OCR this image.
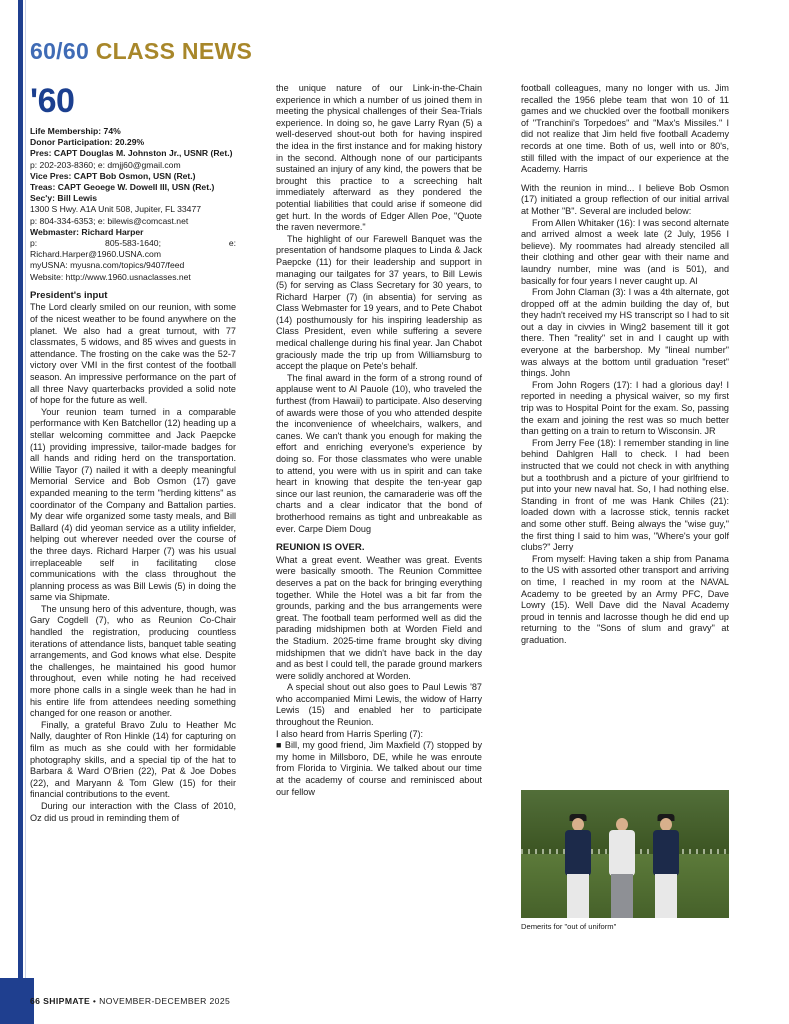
60/60 CLASS NEWS
'60

Life Membership: 74%

Donor Participation: 20.29%

Pres: CAPT Douglas M. Johnston Jr., USNR (Ret.)

p: 202-203-8360; e: dmjj60@gmail.com

Vice Pres: CAPT Bob Osmon, USN (Ret.)

Treas: CAPT Geoege W. Dowell III, USN (Ret.)

Sec'y: Bill Lewis

1300 S Hwy. A1A Unit 508, Jupiter, FL 33477

p: 804-334-6353; e: bilewis@comcast.net

Webmaster: Richard Harper

p: 805-583-1640; e: Richard.Harper@1960.USNA.com

myUSNA: myusna.com/topics/9407/feed

Website: http://www.1960.usnaclasses.net

President's input

The Lord clearly smiled on our reunion, with some of the nicest weather to be found anywhere on the planet. We also had a great turnout, with 77 classmates, 5 widows, and 85 wives and guests in attendance. The frosting on the cake was the 52-7 victory over VMI in the first contest of the football season. An impressive performance on the part of all three Navy quarterbacks provided a solid note of hope for the future as well.

Your reunion team turned in a comparable performance with Ken Batchellor (12) heading up a stellar welcoming committee and Jack Paepcke (11) providing impressive, tailor-made badges for all hands and riding herd on the transportation. Willie Tayor (7) nailed it with a deeply meaningful Memorial Service and Bob Osmon (17) gave expanded meaning to the term "herding kittens" as coordinator of the Company and Battalion parties. My dear wife organized some tasty meals, and Bill Ballard (4) did yeoman service as a utility infielder, helping out wherever needed over the course of the three days. Richard Harper (7) was his usual irreplaceable self in facilitating close communications with the class throughout the planning process as was Bill Lewis (5) in doing the same via Shipmate.

The unsung hero of this adventure, though, was Gary Cogdell (7), who as Reunion Co-Chair handled the registration, producing countless iterations of attendance lists, banquet table seating arrangements, and God knows what else. Despite the challenges, he maintained his good humor throughout, even while noting he had received more phone calls in a single week than he had in his entire life from attendees needing something changed for one reason or another.

Finally, a grateful Bravo Zulu to Heather Mc Nally, daughter of Ron Hinkle (14) for capturing on film as much as she could with her formidable photography skills, and a special tip of the hat to Barbara & Ward O'Brien (22), Pat & Joe Dobes (22), and Maryann & Tom Glew (15) for their financial contributions to the event.

During our interaction with the Class of 2010, Oz did us proud in reminding them of

the unique nature of our Link-in-the-Chain experience in which a number of us joined them in meeting the physical challenges of their Sea-Trials experience. In doing so, he gave Larry Ryan (5) a well-deserved shout-out both for having inspired the idea in the first instance and for making history in the second. Although none of our participants sustained an injury of any kind, the powers that be brought this practice to a screeching halt immediately afterward as they pondered the potential liabilities that could arise if someone did get hurt. In the words of Edger Allen Poe, "Quote the raven nevermore."

The highlight of our Farewell Banquet was the presentation of handsome plaques to Linda & Jack Paepcke (11) for their leadership and support in managing our tailgates for 37 years, to Bill Lewis (5) for serving as Class Secretary for 30 years, to Richard Harper (7) (in absentia) for serving as Class Webmaster for 19 years, and to Pete Chabot (14) posthumously for his inspiring leadership as Class President, even while suffering a severe medical challenge during his final year. Jan Chabot graciously made the trip up from Williamsburg to accept the plaque on Pete's behalf.

The final award in the form of a strong round of applause went to Al Pauole (10), who traveled the furthest (from Hawaii) to participate. Also deserving of awards were those of you who attended despite the inconvenience of wheelchairs, walkers, and canes. We can't thank you enough for making the effort and enriching everyone's experience by doing so. For those classmates who were unable to attend, you were with us in spirit and can take heart in knowing that despite the ten-year gap since our last reunion, the camaraderie was off the charts and a clear indicator that the bond of brotherhood remains as tight and unbreakable as ever. Carpe Diem Doug

REUNION IS OVER.

What a great event. Weather was great. Events were basically smooth. The Reunion Committee deserves a pat on the back for bringing everything together. While the Hotel was a bit far from the grounds, parking and the bus arrangements were great. The football team performed well as did the parading midshipmen both at Worden Field and the Stadium. 2025-time frame brought sky diving midshipmen that we didn't have back in the day and as best I could tell, the parade ground markers were solidly anchored at Worden.

A special shout out also goes to Paul Lewis '87 who accompanied Mimi Lewis, the widow of Harry Lewis (15) and enabled her to participate throughout the Reunion.

I also heard from Harris Sperling (7):

■ Bill, my good friend, Jim Maxfield (7) stopped by my home in Millsboro, DE, while he was enroute from Florida to Virginia. We talked about our time at the academy of course and reminisced about our fellow

football colleagues, many no longer with us. Jim recalled the 1956 plebe team that won 10 of 11 games and we chuckled over the football monikers of "Tranchini's Torpedoes" and "Max's Missiles." I did not realize that Jim held five football Academy records at one time. Both of us, well into or 80's, still filled with the impact of our experience at the Academy. Harris

With the reunion in mind... I believe Bob Osmon (17) initiated a group reflection of our initial arrival at Mother "B". Several are included below:

From Allen Whitaker (16): I was second alternate and arrived almost a week late (2 July, 1956 I believe). My roommates had already stenciled all their clothing and other gear with their name and laundry number, mine was (and is 501), and basically for four years I never caught up. Al

From John Claman (3): I was a 4th alternate, got dropped off at the admin building the day of, but they hadn't received my HS transcript so I had to sit out a day in civvies in Wing2 basement till it got there. Then "reality" set in and I caught up with everyone at the barbershop. My "lineal number" was always at the bottom until graduation "reset" things. John

From John Rogers (17): I had a glorious day! I reported in needing a physical waiver, so my first trip was to Hospital Point for the exam. So, passing the exam and joining the rest was so much better than getting on a train to return to Wisconsin. JR

From Jerry Fee (18): I remember standing in line behind Dahlgren Hall to check. I had been instructed that we could not check in with anything but a toothbrush and a picture of your girlfriend to put into your new naval hat. So, I had nothing else. Standing in front of me was Hank Chiles (21): loaded down with a lacrosse stick, tennis racket and some other stuff. Being always the "wise guy," the first thing I said to him was, "Where's your golf clubs?" Jerry

From myself: Having taken a ship from Panama to the US with assorted other transport and arriving on time, I reached in my room at the NAVAL Academy to be greeted by an Army PFC, Dave Lowry (15). Well Dave did the Naval Academy proud in tennis and lacrosse though he did end up returning to the "Sons of slum and gravy" at graduation.

Demerits for "out of uniform"
66 SHIPMATE • NOVEMBER-DECEMBER 2025
